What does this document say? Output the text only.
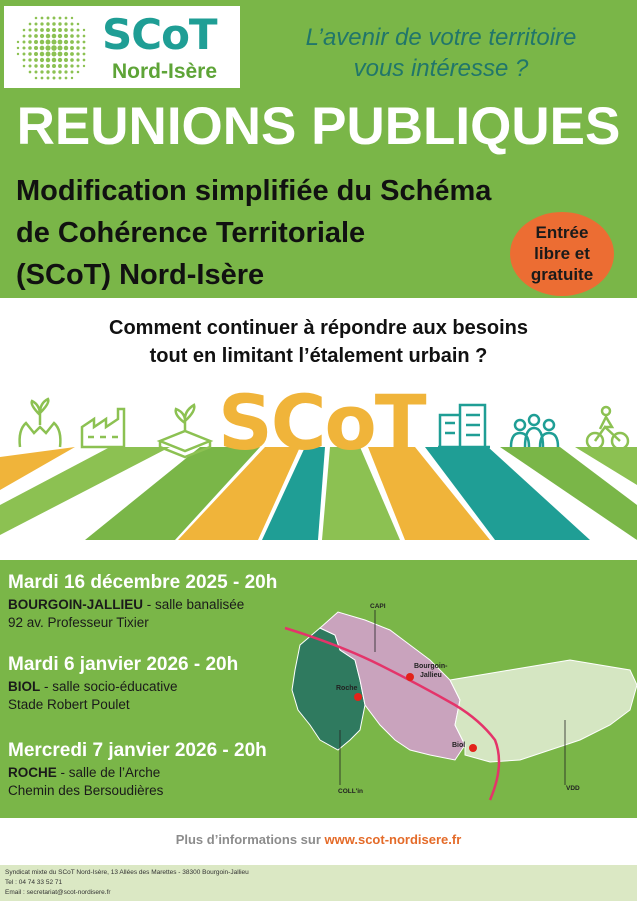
SCoT
Nord-Isère
L’avenir de votre territoire
vous intéresse ?
REUNIONS PUBLIQUES
Modification simplifiée du Schéma
de Cohérence Territoriale
(SCoT) Nord-Isère
Entrée
libre et
gratuite
Comment continuer à répondre aux besoins
tout en limitant l’étalement urbain ?
SCoT
Mardi 16 décembre 2025 - 20h
BOURGOIN-JALLIEU - salle banalisée
92 av. Professeur Tixier
Mardi 6 janvier 2026 - 20h
BIOL - salle socio-éducative
Stade Robert Poulet
Mercredi 7 janvier 2026 - 20h
ROCHE - salle de l’Arche
Chemin des Bersoudières
CAPI
Bourgoin-
Jallieu
Roche
Biol
COLL'in	VDD
Plus d’informations sur www.scot-nordisere.fr
Syndicat mixte du SCoT Nord-Isère, 13 Allées des Marettes - 38300 Bourgoin-Jallieu
Tel : 04 74 33 52 71
Email : secretariat@scot-nordisere.fr
